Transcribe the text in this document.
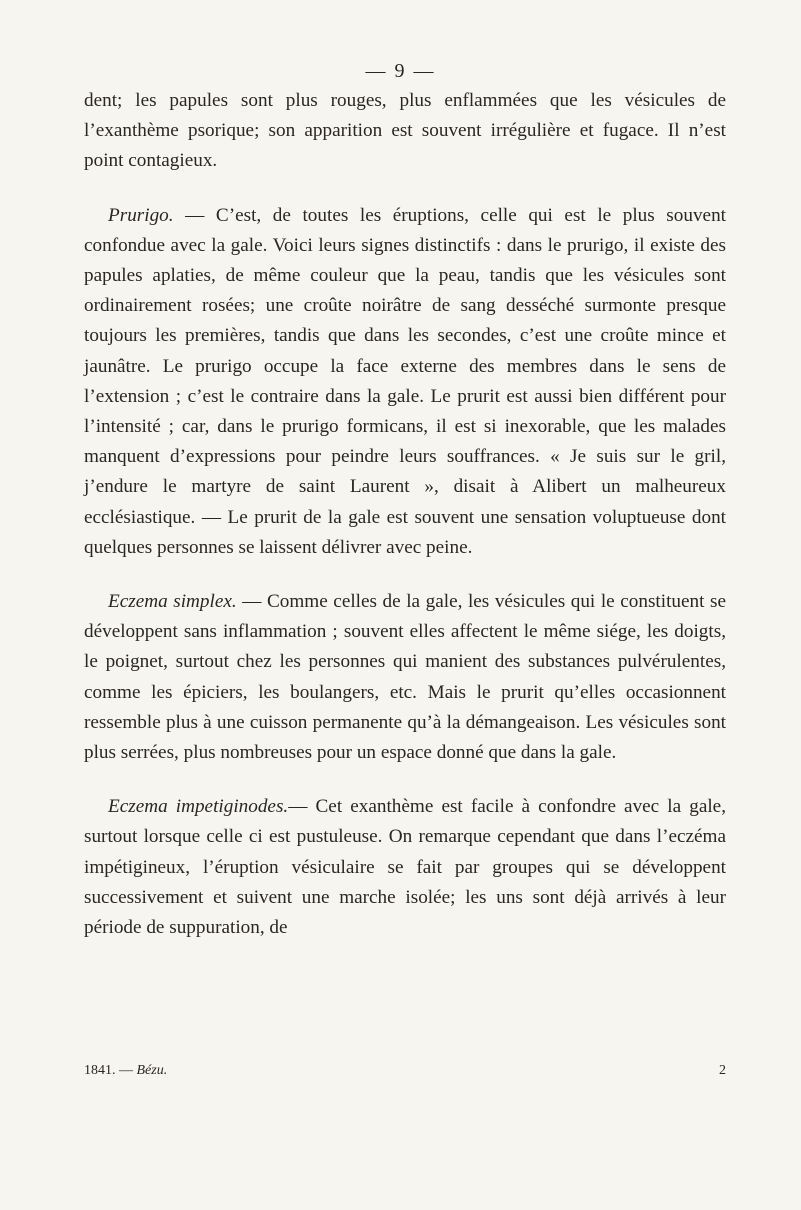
— 9 —

dent; les papules sont plus rouges, plus enflammées que les vésicules de l’exanthème psorique; son apparition est souvent irrégulière et fugace. Il n’est point contagieux.

Prurigo. — C’est, de toutes les éruptions, celle qui est le plus souvent confondue avec la gale. Voici leurs signes distinctifs : dans le prurigo, il existe des papules aplaties, de même couleur que la peau, tandis que les vésicules sont ordinairement rosées; une croûte noirâtre de sang desséché surmonte presque toujours les premières, tandis que dans les secondes, c’est une croûte mince et jaunâtre. Le prurigo occupe la face externe des membres dans le sens de l’extension ; c’est le contraire dans la gale. Le prurit est aussi bien différent pour l’intensité ; car, dans le prurigo formicans, il est si inexorable, que les malades manquent d’expressions pour peindre leurs souffrances. « Je suis sur le gril, j’endure le martyre de saint Laurent », disait à Alibert un malheureux ecclésiastique. — Le prurit de la gale est souvent une sensation voluptueuse dont quelques personnes se laissent délivrer avec peine.

Eczema simplex. — Comme celles de la gale, les vésicules qui le constituent se développent sans inflammation ; souvent elles affectent le même siége, les doigts, le poignet, surtout chez les personnes qui manient des substances pulvérulentes, comme les épiciers, les boulangers, etc. Mais le prurit qu’elles occasionnent ressemble plus à une cuisson permanente qu’à la démangeaison. Les vésicules sont plus serrées, plus nombreuses pour un espace donné que dans la gale.

Eczema impetiginodes.— Cet exanthème est facile à confondre avec la gale, surtout lorsque celle ci est pustuleuse. On remarque cependant que dans l’eczéma impétigineux, l’éruption vésiculaire se fait par groupes qui se développent successivement et suivent une marche isolée; les uns sont déjà arrivés à leur période de suppuration, de

1841. — Bézu.	2
